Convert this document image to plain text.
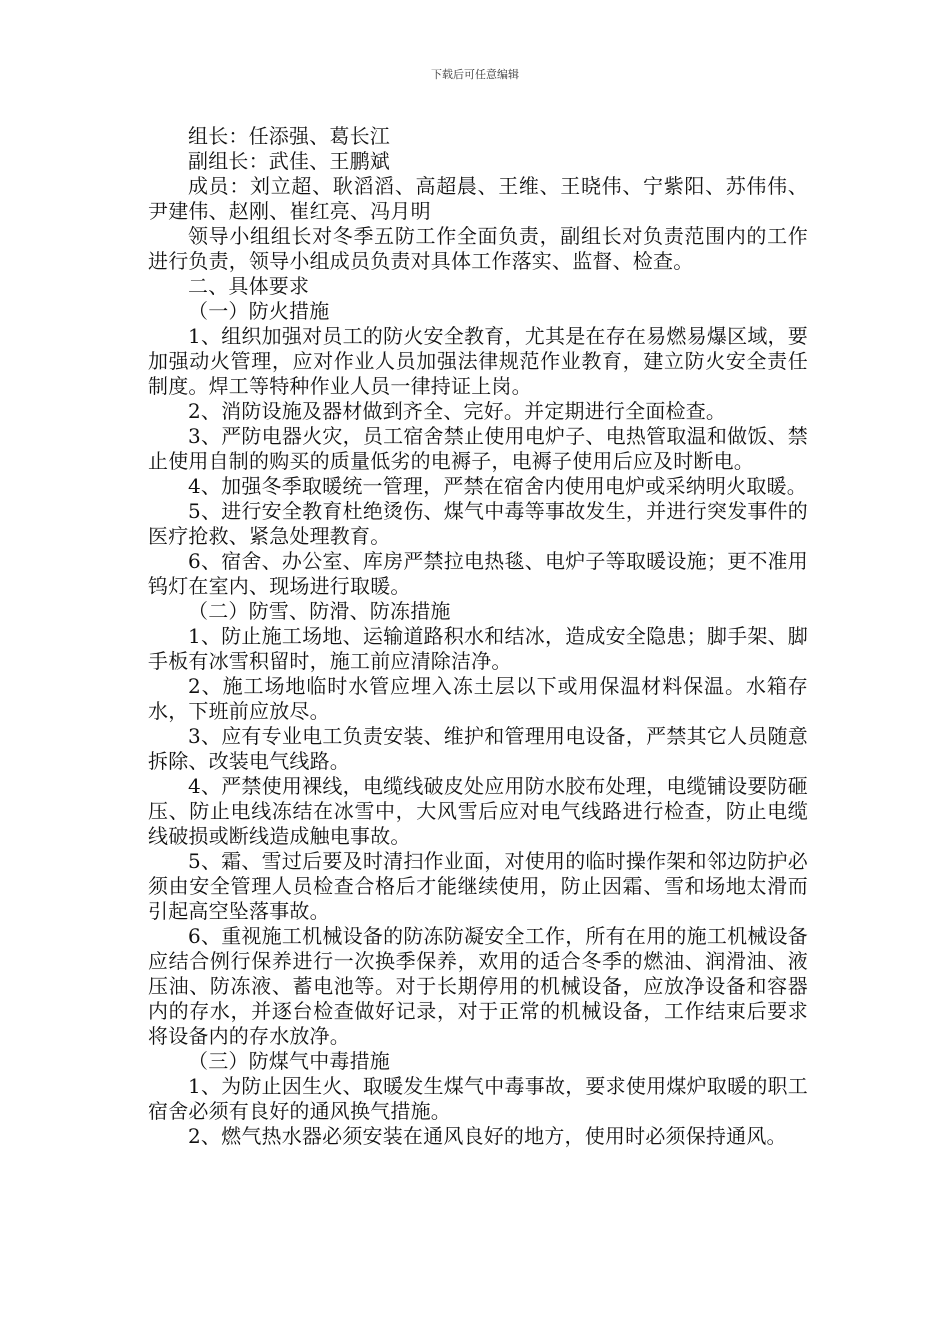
下载后可任意编辑

组长：任添强、葛长江

副组长：武佳、王鹏斌

成员：刘立超、耿滔滔、高超晨、王维、王晓伟、宁紫阳、苏伟伟、尹建伟、赵刚、崔红亮、冯月明

领导小组组长对冬季五防工作全面负责，副组长对负责范围内的工作进行负责，领导小组成员负责对具体工作落实、监督、检查。

二、具体要求

（一）防火措施

1、组织加强对员工的防火安全教育，尤其是在存在易燃易爆区域，要加强动火管理，应对作业人员加强法律规范作业教育，建立防火安全责任制度。焊工等特种作业人员一律持证上岗。

2、消防设施及器材做到齐全、完好。并定期进行全面检查。

3、严防电器火灾，员工宿舍禁止使用电炉子、电热管取温和做饭、禁止使用自制的购买的质量低劣的电褥子，电褥子使用后应及时断电。

4、加强冬季取暖统一管理，严禁在宿舍内使用电炉或采纳明火取暖。

5、进行安全教育杜绝烫伤、煤气中毒等事故发生，并进行突发事件的医疗抢救、紧急处理教育。

6、宿舍、办公室、库房严禁拉电热毯、电炉子等取暖设施；更不准用钨灯在室内、现场进行取暖。

（二）防雪、防滑、防冻措施

1、防止施工场地、运输道路积水和结冰，造成安全隐患；脚手架、脚手板有冰雪积留时，施工前应清除洁净。

2、施工场地临时水管应埋入冻土层以下或用保温材料保温。水箱存水，下班前应放尽。

3、应有专业电工负责安装、维护和管理用电设备，严禁其它人员随意拆除、改装电气线路。

4、严禁使用裸线，电缆线破皮处应用防水胶布处理，电缆铺设要防砸压、防止电线冻结在冰雪中，大风雪后应对电气线路进行检查，防止电缆线破损或断线造成触电事故。

5、霜、雪过后要及时清扫作业面，对使用的临时操作架和邻边防护必须由安全管理人员检查合格后才能继续使用，防止因霜、雪和场地太滑而引起高空坠落事故。

6、重视施工机械设备的防冻防凝安全工作，所有在用的施工机械设备应结合例行保养进行一次换季保养，欢用的适合冬季的燃油、润滑油、液压油、防冻液、蓄电池等。对于长期停用的机械设备，应放净设备和容器内的存水，并逐台检查做好记录，对于正常的机械设备，工作结束后要求将设备内的存水放净。

（三）防煤气中毒措施

1、为防止因生火、取暖发生煤气中毒事故，要求使用煤炉取暖的职工宿舍必须有良好的通风换气措施。

2、燃气热水器必须安装在通风良好的地方，使用时必须保持通风。
